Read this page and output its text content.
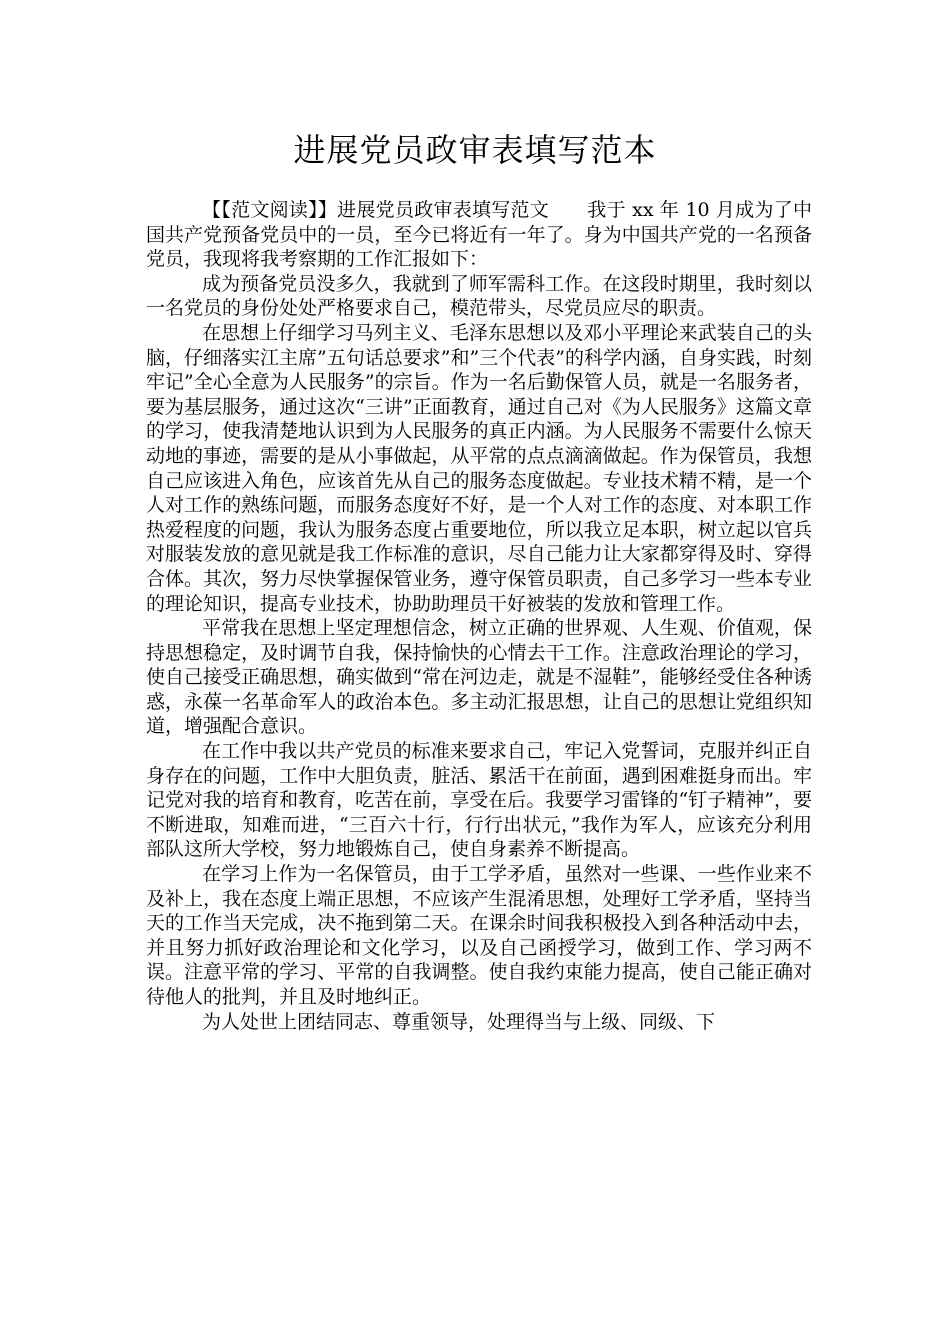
进展党员政审表填写范本

【【范文阅读】】进展党员政审表填写范文 我于 xx 年 10 月成为了中国共产党预备党员中的一员，至今已将近有一年了。身为中国共产党的一名预备党员，我现将我考察期的工作汇报如下：

成为预备党员没多久，我就到了师军需科工作。在这段时期里，我时刻以一名党员的身份处处严格要求自己，模范带头，尽党员应尽的职责。

在思想上仔细学习马列主义、毛泽东思想以及邓小平理论来武装自己的头脑，仔细落实江主席”五句话总要求”和”三个代表”的科学内涵，自身实践，时刻牢记”全心全意为人民服务”的宗旨。作为一名后勤保管人员，就是一名服务者，要为基层服务，通过这次“三讲”正面教育，通过自己对《为人民服务》这篇文章的学习，使我清楚地认识到为人民服务的真正内涵。为人民服务不需要什么惊天动地的事迹，需要的是从小事做起，从平常的点点滴滴做起。作为保管员，我想自己应该进入角色，应该首先从自己的服务态度做起。专业技术精不精，是一个人对工作的熟练问题，而服务态度好不好，是一个人对工作的态度、对本职工作热爱程度的问题，我认为服务态度占重要地位，所以我立足本职，树立起以官兵对服装发放的意见就是我工作标准的意识，尽自己能力让大家都穿得及时、穿得合体。其次，努力尽快掌握保管业务，遵守保管员职责，自己多学习一些本专业的理论知识，提高专业技术，协助助理员干好被装的发放和管理工作。

平常我在思想上坚定理想信念，树立正确的世界观、人生观、价值观，保持思想稳定，及时调节自我，保持愉快的心情去干工作。注意政治理论的学习，使自己接受正确思想，确实做到“常在河边走，就是不湿鞋”，能够经受住各种诱惑，永葆一名革命军人的政治本色。多主动汇报思想，让自己的思想让党组织知道，增强配合意识。

在工作中我以共产党员的标准来要求自己，牢记入党誓词，克服并纠正自身存在的问题，工作中大胆负责，脏活、累活干在前面，遇到困难挺身而出。牢记党对我的培育和教育，吃苦在前，享受在后。我要学习雷锋的“钉子精神”，要不断进取，知难而进，“三百六十行，行行出状元，”我作为军人，应该充分利用部队这所大学校，努力地锻炼自己，使自身素养不断提高。

在学习上作为一名保管员，由于工学矛盾，虽然对一些课、一些作业来不及补上，我在态度上端正思想，不应该产生混淆思想，处理好工学矛盾，坚持当天的工作当天完成，决不拖到第二天。在课余时间我积极投入到各种活动中去，并且努力抓好政治理论和文化学习，以及自己函授学习，做到工作、学习两不误。注意平常的学习、平常的自我调整。使自我约束能力提高，使自己能正确对待他人的批判，并且及时地纠正。

为人处世上团结同志、尊重领导，处理得当与上级、同级、下
